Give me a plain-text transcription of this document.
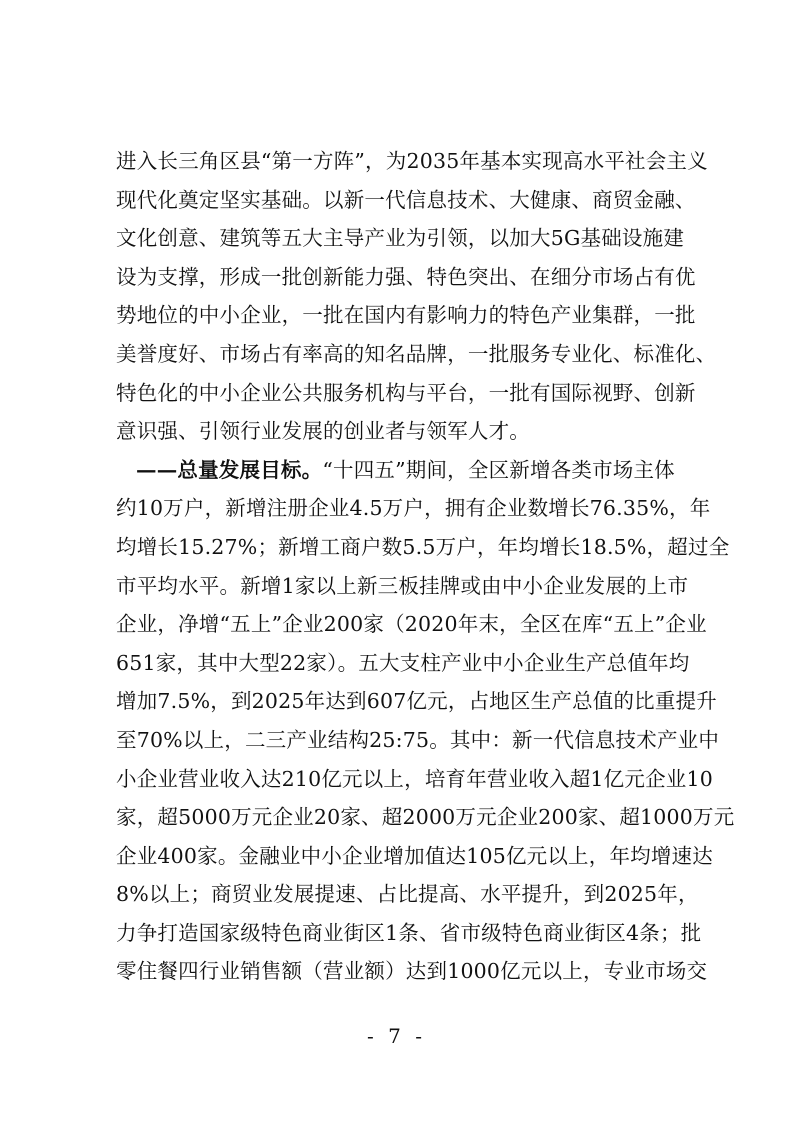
进入长三角区县“第一方阵”，为2035年基本实现高水平社会主义
现代化奠定坚实基础。以新一代信息技术、大健康、商贸金融、
文化创意、建筑等五大主导产业为引领，以加大5G基础设施建
设为支撑，形成一批创新能力强、特色突出、在细分市场占有优
势地位的中小企业，一批在国内有影响力的特色产业集群，一批
美誉度好、市场占有率高的知名品牌，一批服务专业化、标准化、
特色化的中小企业公共服务机构与平台，一批有国际视野、创新
意识强、引领行业发展的创业者与领军人才。
——总量发展目标。“十四五”期间，全区新增各类市场主体
约10万户，新增注册企业4.5万户，拥有企业数增长76.35%，年
均增长15.27%；新增工商户数5.5万户，年均增长18.5%，超过全
市平均水平。新增1家以上新三板挂牌或由中小企业发展的上市
企业，净增“五上”企业200家（2020年末，全区在库“五上”企业
651家，其中大型22家）。五大支柱产业中小企业生产总值年均
增加7.5%，到2025年达到607亿元，占地区生产总值的比重提升
至70%以上，二三产业结构25:75。其中：新一代信息技术产业中
小企业营业收入达210亿元以上，培育年营业收入超1亿元企业10
家，超5000万元企业20家、超2000万元企业200家、超1000万元
企业400家。金融业中小企业增加值达105亿元以上，年均增速达
8%以上；商贸业发展提速、占比提高、水平提升，到2025年，
力争打造国家级特色商业街区1条、省市级特色商业街区4条；批
零住餐四行业销售额（营业额）达到1000亿元以上，专业市场交
- 7 -
